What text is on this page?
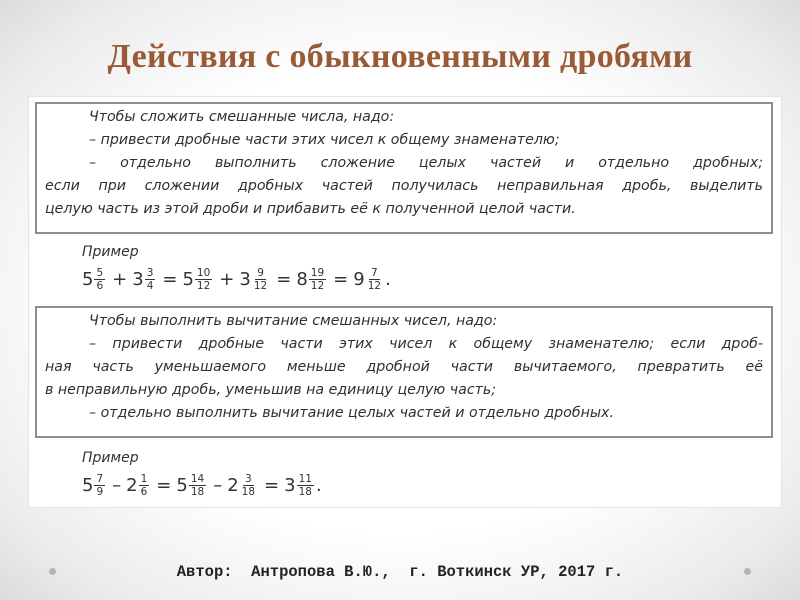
Действия с обыкновенными дробями
Чтобы сложить смешанные числа, надо:
– привести дробные части этих чисел к общему знаменателю;
– отдельно выполнить сложение целых частей и отдельно дробных;
если при сложении дробных частей получилась неправильная дробь, выделить
целую часть из этой дроби и прибавить её к полученной целой части.
Пример
$5 \frac{5}{6} + 3 \frac{3}{4} = 5 \frac{10}{12} + 3 \frac{9}{12} = 8 \frac{19}{12} = 9 \frac{7}{12}$ .
Чтобы выполнить вычитание смешанных чисел, надо:
– привести дробные части этих чисел к общему знаменателю; если дроб-
ная часть уменьшаемого меньше дробной части вычитаемого, превратить её
в неправильную дробь, уменьшив на единицу целую часть;
– отдельно выполнить вычитание целых частей и отдельно дробных.
Пример
$5 \frac{7}{9} - 2 \frac{1}{6} = 5 \frac{14}{18} - 2 \frac{3}{18} = 3 \frac{11}{18}$ .
Автор:  Антропова В.Ю.,  г. Воткинск УР, 2017 г.
